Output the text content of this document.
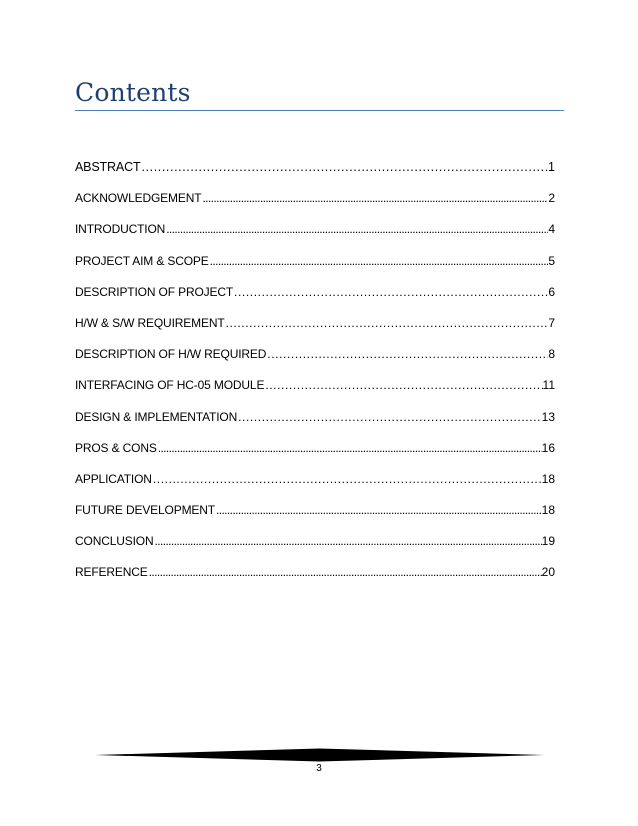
Contents
ABSTRACT .....	1
ACKNOWLEDGEMENT .....	2
INTRODUCTION .....	4
PROJECT AIM & SCOPE .....	5
DESCRIPTION OF PROJECT .....	6
H/W & S/W REQUIREMENT .....	7
DESCRIPTION OF H/W REQUIRED .....	8
INTERFACING OF HC-05 MODULE .....	11
DESIGN & IMPLEMENTATION .....	13
PROS & CONS .....	16
APPLICATION .....	18
FUTURE DEVELOPMENT .....	18
CONCLUSION .....	19
REFERENCE .....	20
3
